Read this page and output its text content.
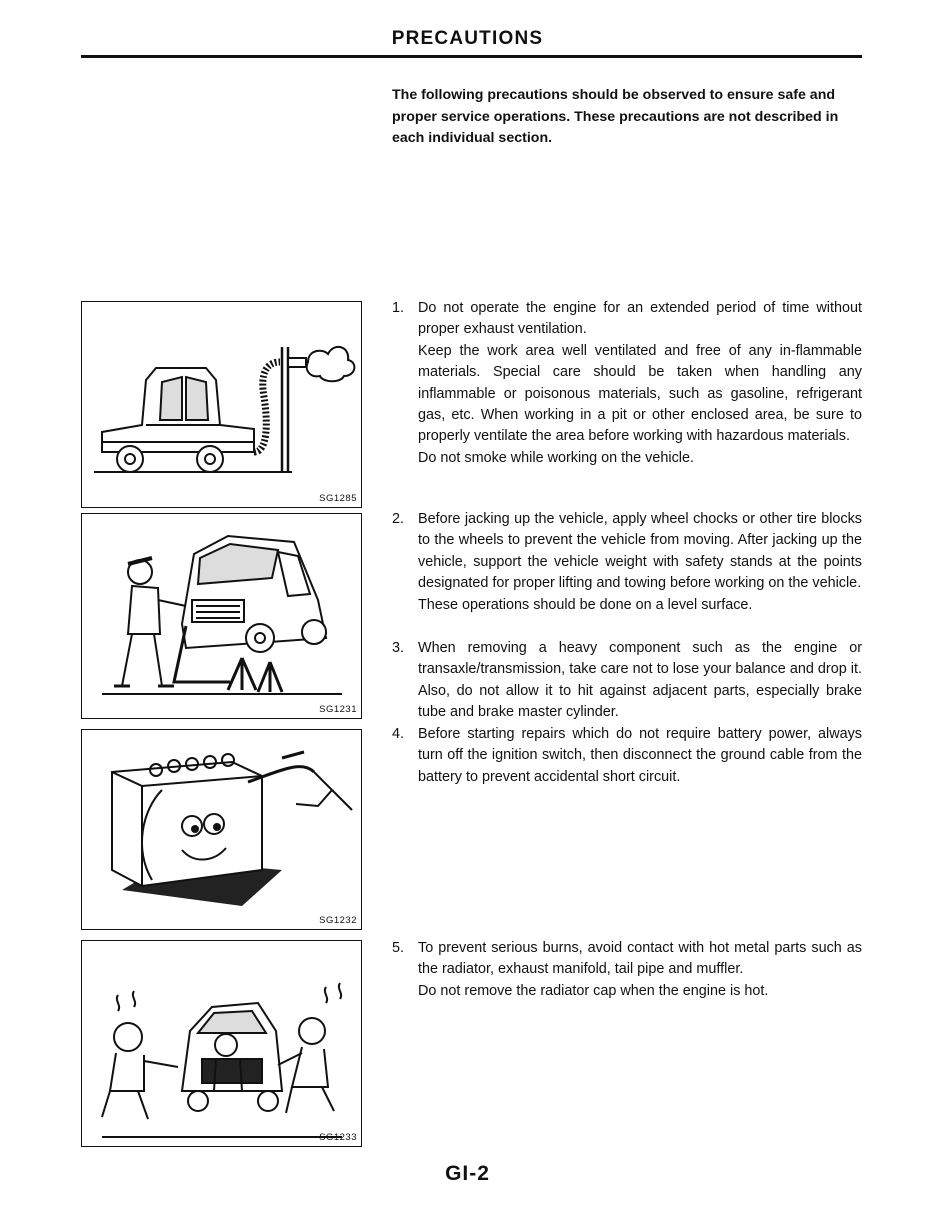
PRECAUTIONS

The following precautions should be observed to ensure safe and proper service operations. These precautions are not described in each individual section.

SG1285
SG1231
SG1232
SG1233
1. Do not operate the engine for an extended period of time without proper exhaust ventilation.

Keep the work area well ventilated and free of any in-flammable materials. Special care should be taken when handling any inflammable or poisonous materials, such as gasoline, refrigerant gas, etc. When working in a pit or other enclosed area, be sure to properly ventilate the area before working with hazardous materials.

Do not smoke while working on the vehicle.

2. Before jacking up the vehicle, apply wheel chocks or other tire blocks to the wheels to prevent the vehicle from moving. After jacking up the vehicle, support the vehicle weight with safety stands at the points designated for proper lifting and towing before working on the vehicle.

These operations should be done on a level surface.

3. When removing a heavy component such as the engine or transaxle/transmission, take care not to lose your balance and drop it. Also, do not allow it to hit against adjacent parts, especially brake tube and brake master cylinder.

4. Before starting repairs which do not require battery power, always turn off the ignition switch, then disconnect the ground cable from the battery to prevent accidental short circuit.

5. To prevent serious burns, avoid contact with hot metal parts such as the radiator, exhaust manifold, tail pipe and muffler.

Do not remove the radiator cap when the engine is hot.

GI-2
